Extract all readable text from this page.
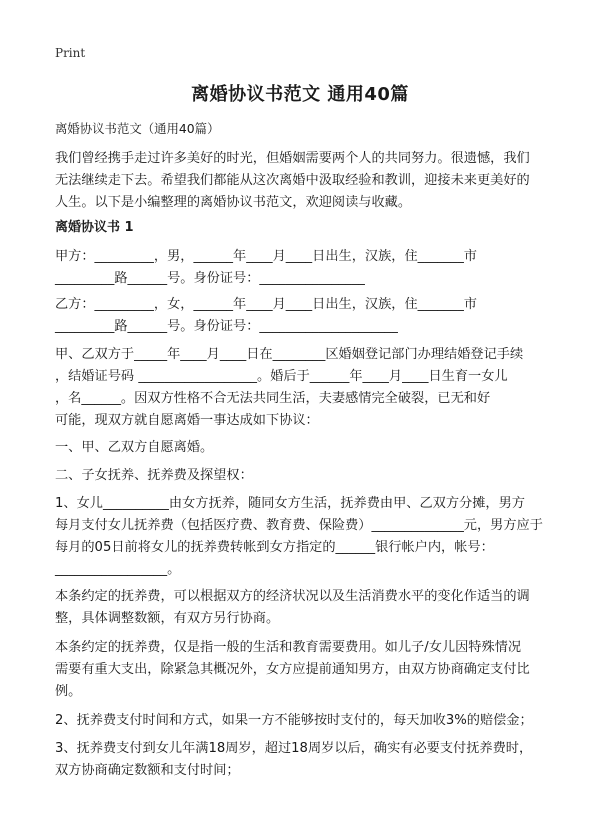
Print
离婚协议书范文 通用40篇
离婚协议书范文（通用40篇）
我们曾经携手走过许多美好的时光，但婚姻需要两个人的共同努力。很遗憾，我们
无法继续走下去。希望我们都能从这次离婚中汲取经验和教训，迎接未来更美好的
人生。以下是小编整理的离婚协议书范文，欢迎阅读与收藏。
离婚协议书 1
甲方：_________，男，______年____月____日出生，汉族，住_______市
_________路______号。身份证号：________________
乙方：_________，女，______年____月____日出生，汉族，住_______市
_________路______号。身份证号：_____________________
甲、乙双方于_____年____月____日在________区婚姻登记部门办理结婚登记手续
，结婚证号码 __________________。婚后于______年____月____日生育一女儿
，名______。因双方性格不合无法共同生活，夫妻感情完全破裂，已无和好
可能，现双方就自愿离婚一事达成如下协议：
一、甲、乙双方自愿离婚。
二、子女抚养、抚养费及探望权：
1、女儿__________由女方抚养，随同女方生活，抚养费由甲、乙双方分摊，男方
每月支付女儿抚养费（包括医疗费、教育费、保险费）______________元，男方应于
每月的05日前将女儿的抚养费转帐到女方指定的______银行帐户内，帐号：
_________________。
本条约定的抚养费，可以根据双方的经济状况以及生活消费水平的变化作适当的调
整，具体调整数额，有双方另行协商。
本条约定的抚养费，仅是指一般的生活和教育需要费用。如儿子/女儿因特殊情况
需要有重大支出，除紧急其概况外，女方应提前通知男方，由双方协商确定支付比
例。
2、抚养费支付时间和方式，如果一方不能够按时支付的，每天加收3%的赔偿金；
3、抚养费支付到女儿年满18周岁，超过18周岁以后，确实有必要支付抚养费时，
双方协商确定数额和支付时间；
